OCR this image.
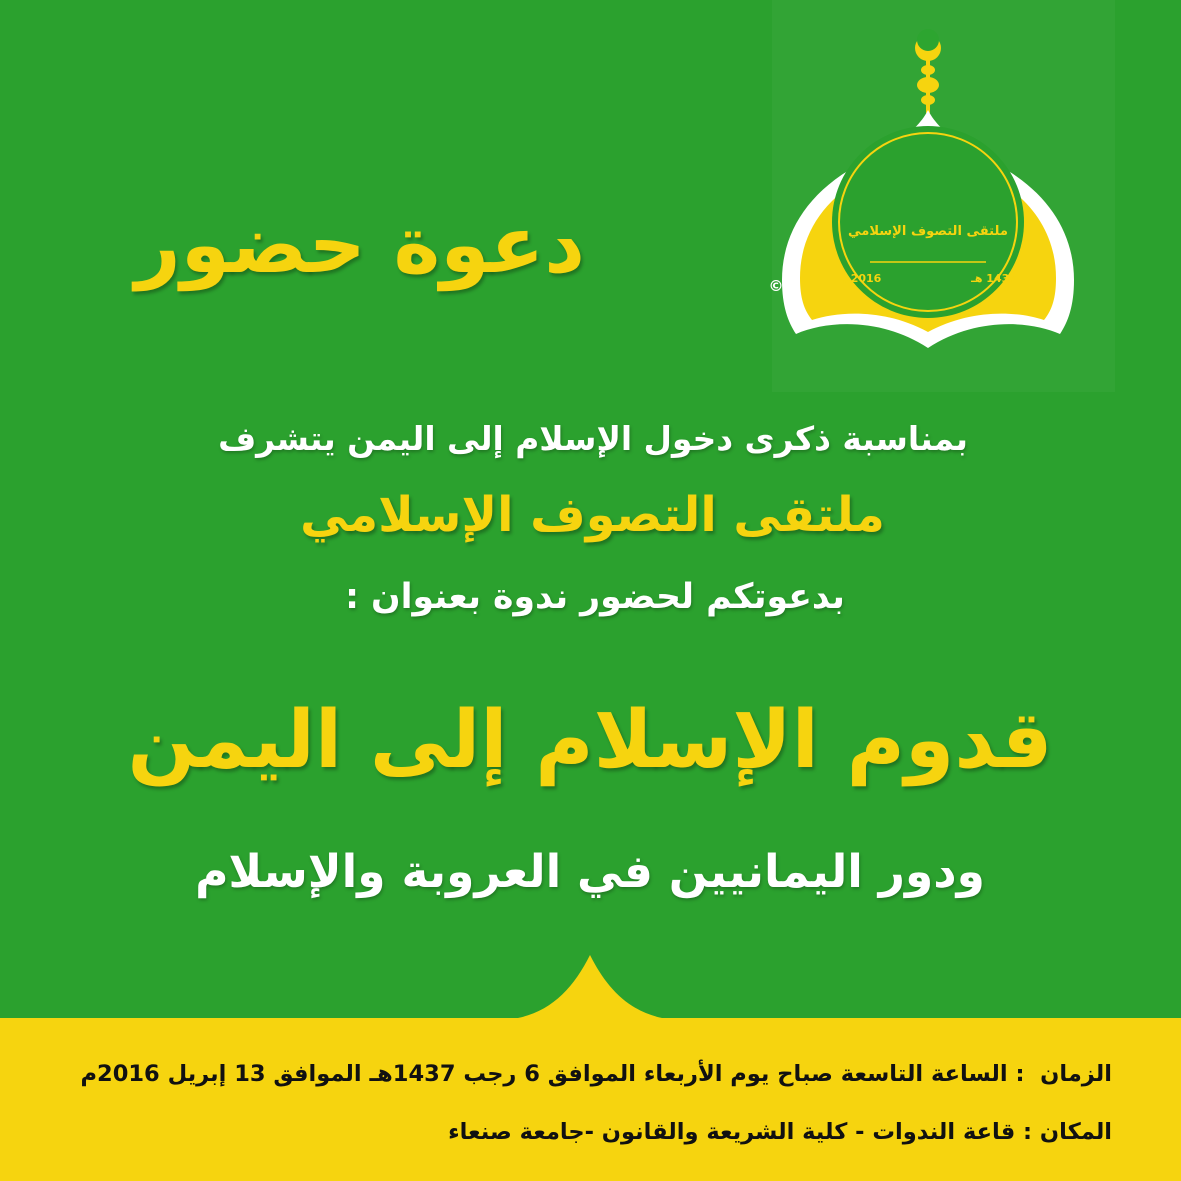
ملتقى التصوف الإسلامي
2016م	1437 هـ
©
دعوة حضور
بمناسبة ذكرى دخول الإسلام إلى اليمن يتشرف
ملتقى التصوف الإسلامي
بدعوتكم لحضور ندوة بعنوان :
قدوم الإسلام إلى اليمن
ودور اليمانيين في العروبة والإسلام
الزمان  : الساعة التاسعة صباح يوم الأربعاء الموافق 6 رجب 1437هـ الموافق 13 إبريل 2016م
المكان : قاعة الندوات - كلية الشريعة والقانون -جامعة صنعاء
